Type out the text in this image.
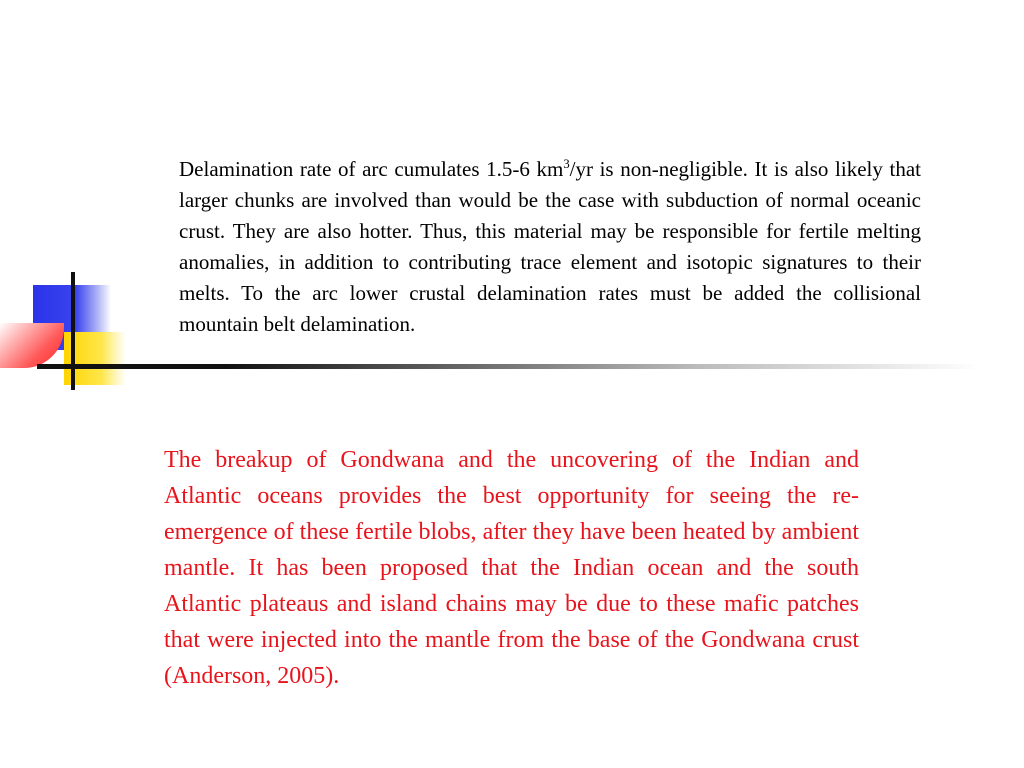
Delamination rate of arc cumulates 1.5-6 $km^3/yr$ is non-negligible. It is also likely that larger chunks are involved than would be the case with subduction of normal oceanic crust. They are also hotter. Thus, this material may be responsible for fertile melting anomalies, in addition to contributing trace element and isotopic signatures to their melts. To the arc lower crustal delamination rates must be added the collisional mountain belt delamination.

The breakup of Gondwana and the uncovering of the Indian and Atlantic oceans provides the best opportunity for seeing the re-emergence of these fertile blobs, after they have been heated by ambient mantle. It has been proposed that the Indian ocean and the south Atlantic plateaus and island chains may be due to these mafic patches that were injected into the mantle from the base of the Gondwana crust (Anderson, 2005).
